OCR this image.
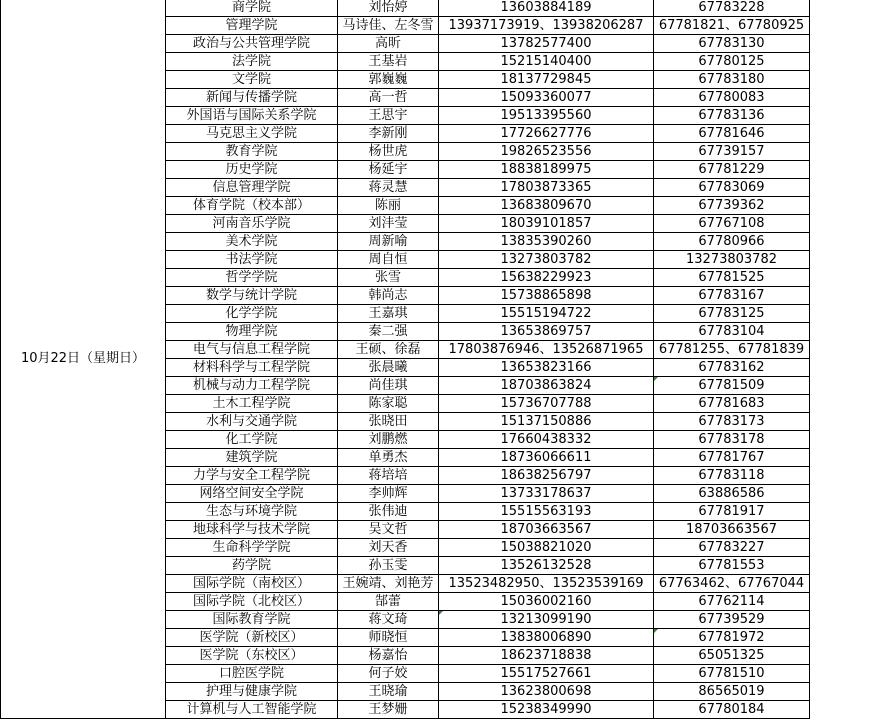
10月22日（星期日）	商学院	刘怡婷	13603884189	67783228
	管理学院	马诗佳、左冬雪	13937173919、13938206287	67781821、67780925
	政治与公共管理学院	高昕	13782577400	67783130
	法学院	王基岩	15215140400	67780125
	文学院	郭巍巍	18137729845	67783180
	新闻与传播学院	高一哲	15093360077	67780083
	外国语与国际关系学院	王思宇	19513395560	67783136
	马克思主义学院	李新刚	17726627776	67781646
	教育学院	杨世虎	19826523556	67739157
	历史学院	杨延宇	18838189975	67781229
	信息管理学院	蒋灵慧	17803873365	67783069
	体育学院（校本部）	陈丽	13683809670	67739362
	河南音乐学院	刘沣莹	18039101857	67767108
	美术学院	周新喻	13835390260	67780966
	书法学院	周自恒	13273803782	13273803782
	哲学学院	张雪	15638229923	67781525
	数学与统计学院	韩尚志	15738865898	67783167
	化学学院	王嘉琪	15515194722	67783125
	物理学院	秦二强	13653869757	67783104
	电气与信息工程学院	王硕、徐磊	17803876946、13526871965	67781255、67781839
	材料科学与工程学院	张晨曦	13653823166	67783162
	机械与动力工程学院	尚佳琪	18703863824	67781509
	土木工程学院	陈家聪	15736707788	67781683
	水利与交通学院	张晓田	15137150886	67783173
	化工学院	刘鹏燃	17660438332	67783178
	建筑学院	单勇杰	18736066611	67781767
	力学与安全工程学院	蒋培培	18638256797	67783118
	网络空间安全学院	李帅辉	13733178637	63886586
	生态与环境学院	张伟迪	15515563193	67781917
	地球科学与技术学院	吴文哲	18703663567	18703663567
	生命科学学院	刘天香	15038821020	67783227
	药学院	孙玉雯	13526132528	67781553
	国际学院（南校区）	王婉靖、刘艳芳	13523482950、13523539169	67763462、67767044
	国际学院（北校区）	郜蕾	15036002160	67762114
	国际教育学院	蒋文琦	13213099190	67739529
	医学院（新校区）	师晓恒	13838006890	67781972
	医学院（东校区）	杨嘉怡	18623718838	65051325
	口腔医学院	何子姣	15517527661	67781510
	护理与健康学院	王晓瑜	13623800698	86565019
	计算机与人工智能学院	王梦姗	15238349990	67780184
